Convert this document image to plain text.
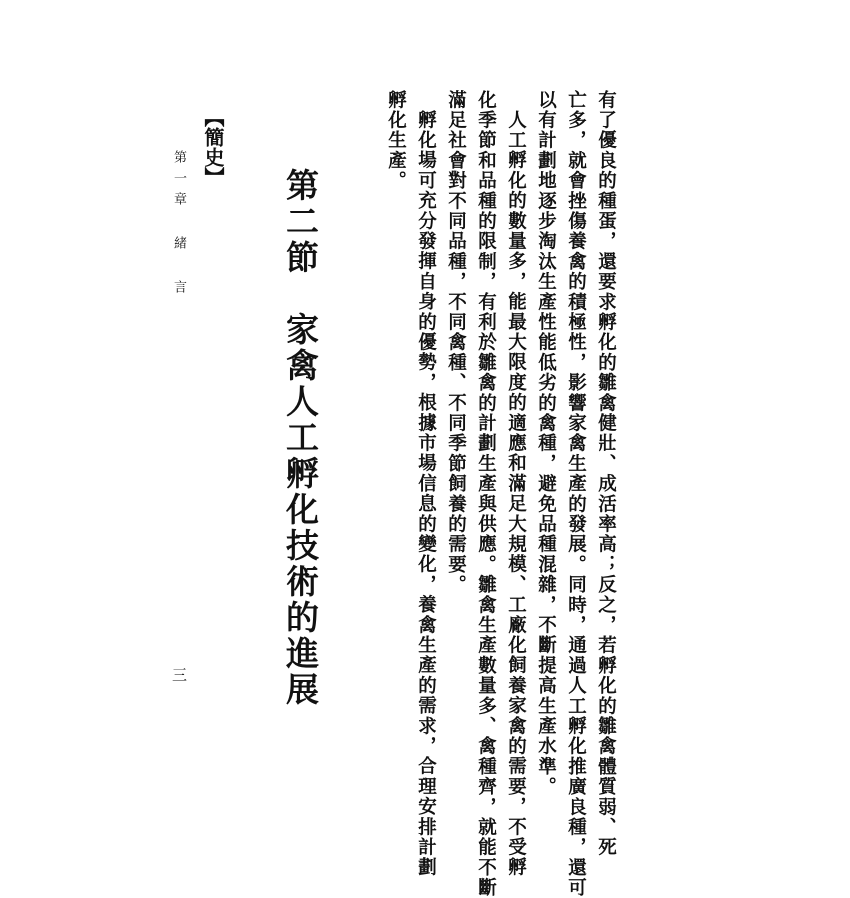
有了優良的種蛋，還要求孵化的雛禽健壯、成活率高；反之，若孵化的雛禽體質弱、死
亡多，就會挫傷養禽的積極性，影響家禽生產的發展。同時，通過人工孵化推廣良種，還可
以有計劃地逐步淘汰生產性能低劣的禽種，避免品種混雜，不斷提高生產水準。
人工孵化的數量多，能最大限度的適應和滿足大規模、工廠化飼養家禽的需要，不受孵
化季節和品種的限制，有利於雛禽的計劃生產與供應。雛禽生產數量多、禽種齊，就能不斷
滿足社會對不同品種，不同禽種、不同季節飼養的需要。
孵化場可充分發揮自身的優勢，根據市場信息的變化，養禽生產的需求，合理安排計劃
孵化生產。
第二節　家禽人工孵化技術的進展
【簡史】
第一章 緒 言
三
